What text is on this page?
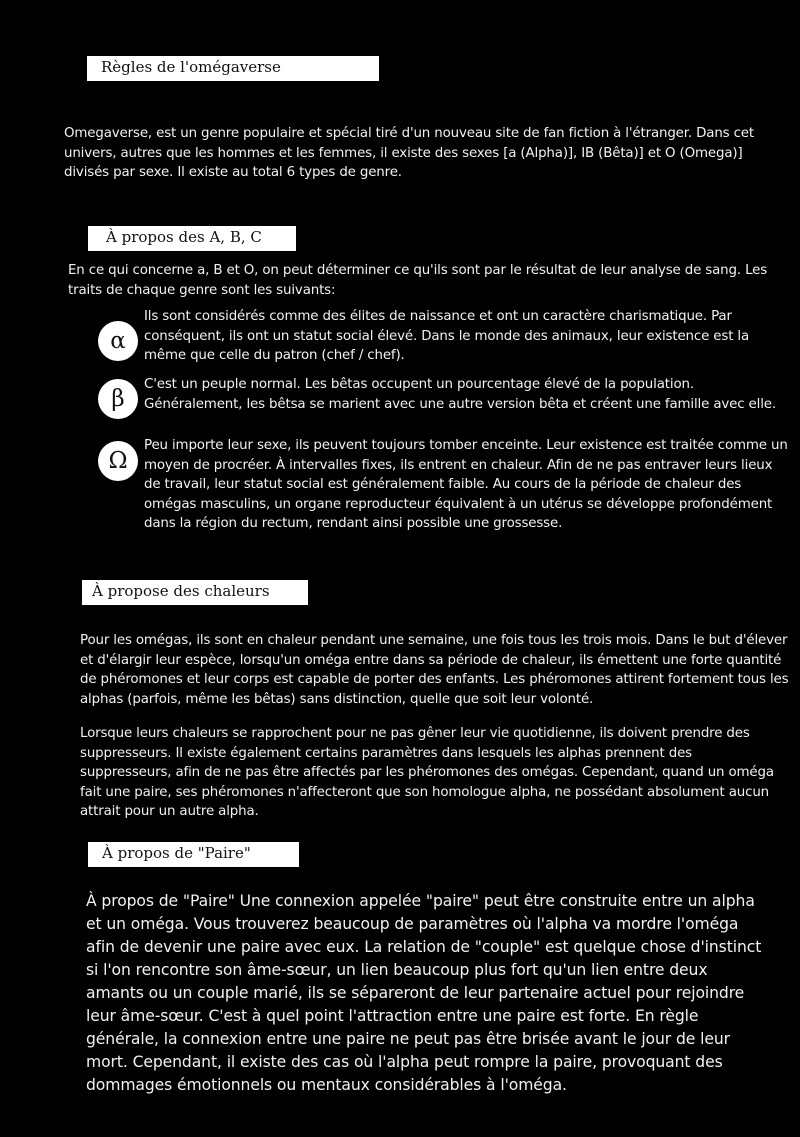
Règles de l'omégaverse

Omegaverse, est un genre populaire et spécial tiré d'un nouveau site de fan fiction à l'étranger. Dans cet univers, autres que les hommes et les femmes, il existe des sexes [a (Alpha)], IB (Bêta)] et O (Omega)] divisés par sexe. Il existe au total 6 types de genre.

À propos des A, B, C

En ce qui concerne a, B et O, on peut déterminer ce qu'ils sont par le résultat de leur analyse de sang. Les traits de chaque genre sont les suivants:

α

Ils sont considérés comme des élites de naissance et ont un caractère charismatique. Par conséquent, ils ont un statut social élevé. Dans le monde des animaux, leur existence est la même que celle du patron (chef / chef).

β

C'est un peuple normal. Les bêtas occupent un pourcentage élevé de la population. Généralement, les bêtsa se marient avec une autre version bêta et créent une famille avec elle.

Ω

Peu importe leur sexe, ils peuvent toujours tomber enceinte. Leur existence est traitée comme un moyen de procréer. À intervalles fixes, ils entrent en chaleur. Afin de ne pas entraver leurs lieux de travail, leur statut social est généralement faible. Au cours de la période de chaleur des omégas masculins, un organe reproducteur équivalent à un utérus se développe profondément dans la région du rectum, rendant ainsi possible une grossesse.

À propose des chaleurs

Pour les omégas, ils sont en chaleur pendant une semaine, une fois tous les trois mois. Dans le but d'élever et d'élargir leur espèce, lorsqu'un oméga entre dans sa période de chaleur, ils émettent une forte quantité de phéromones et leur corps est capable de porter des enfants. Les phéromones attirent fortement tous les alphas (parfois, même les bêtas) sans distinction, quelle que soit leur volonté.

Lorsque leurs chaleurs se rapprochent pour ne pas gêner leur vie quotidienne, ils doivent prendre des suppresseurs. Il existe également certains paramètres dans lesquels les alphas prennent des suppresseurs, afin de ne pas être affectés par les phéromones des omégas. Cependant, quand un oméga fait une paire, ses phéromones n'affecteront que son homologue alpha, ne possédant absolument aucun attrait pour un autre alpha.

À propos de "Paire"

À propos de "Paire" Une connexion appelée "paire" peut être construite entre un alpha et un oméga. Vous trouverez beaucoup de paramètres où l'alpha va mordre l'oméga afin de devenir une paire avec eux. La relation de "couple" est quelque chose d'instinct si l'on rencontre son âme-sœur, un lien beaucoup plus fort qu'un lien entre deux amants ou un couple marié, ils se sépareront de leur partenaire actuel pour rejoindre leur âme-sœur. C'est à quel point l'attraction entre une paire est forte. En règle générale, la connexion entre une paire ne peut pas être brisée avant le jour de leur mort. Cependant, il existe des cas où l'alpha peut rompre la paire, provoquant des dommages émotionnels ou mentaux considérables à l'oméga.
